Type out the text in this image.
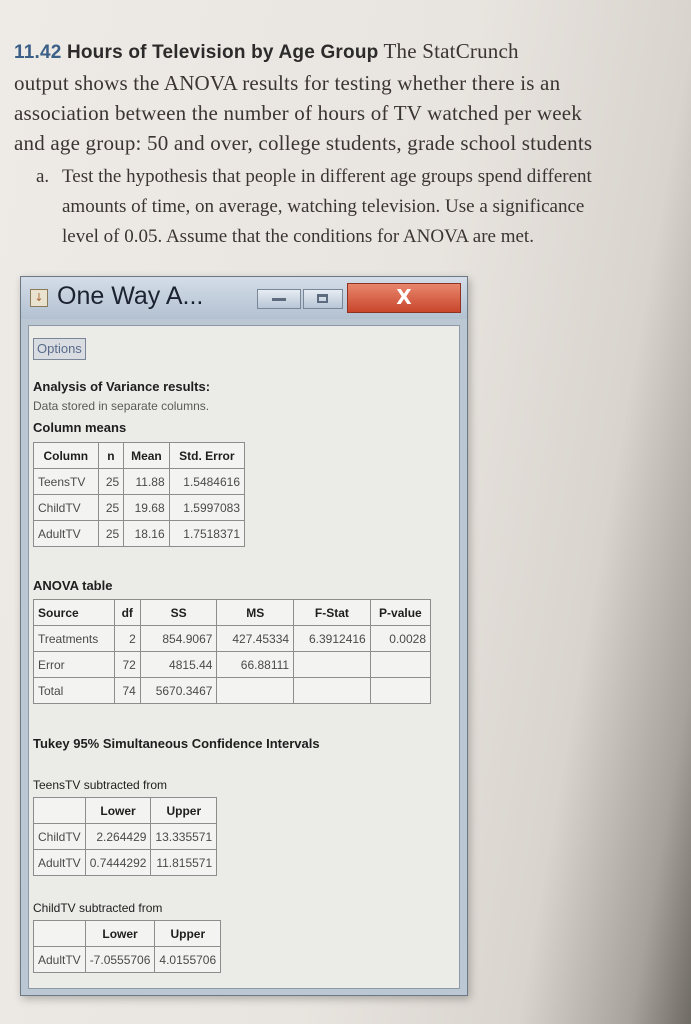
11.42 Hours of Television by Age Group The StatCrunch

output shows the ANOVA results for testing whether there is an

association between the number of hours of TV watched per week

and age group: 50 and over, college students, grade school students

a. Test the hypothesis that people in different age groups spend different

amounts of time, on average, watching television. Use a significance

level of 0.05. Assume that the conditions for ANOVA are met.

↓ One Way A...	X
Options
Analysis of Variance results:
Data stored in separate columns.
Column means
Column	n	Mean	Std. Error
TeensTV	25	11.88	1.5484616
ChildTV	25	19.68	1.5997083
AdultTV	25	18.16	1.7518371
ANOVA table
Source	df	SS	MS	F-Stat	P-value
Treatments	2	854.9067	427.45334	6.3912416	0.0028
Error	72	4815.44	66.88111		
Total	74	5670.3467			
Tukey 95% Simultaneous Confidence Intervals
TeensTV subtracted from
	Lower	Upper
ChildTV	2.264429	13.335571
AdultTV	0.7444292	11.815571
ChildTV subtracted from
	Lower	Upper
AdultTV	-7.0555706	4.0155706
